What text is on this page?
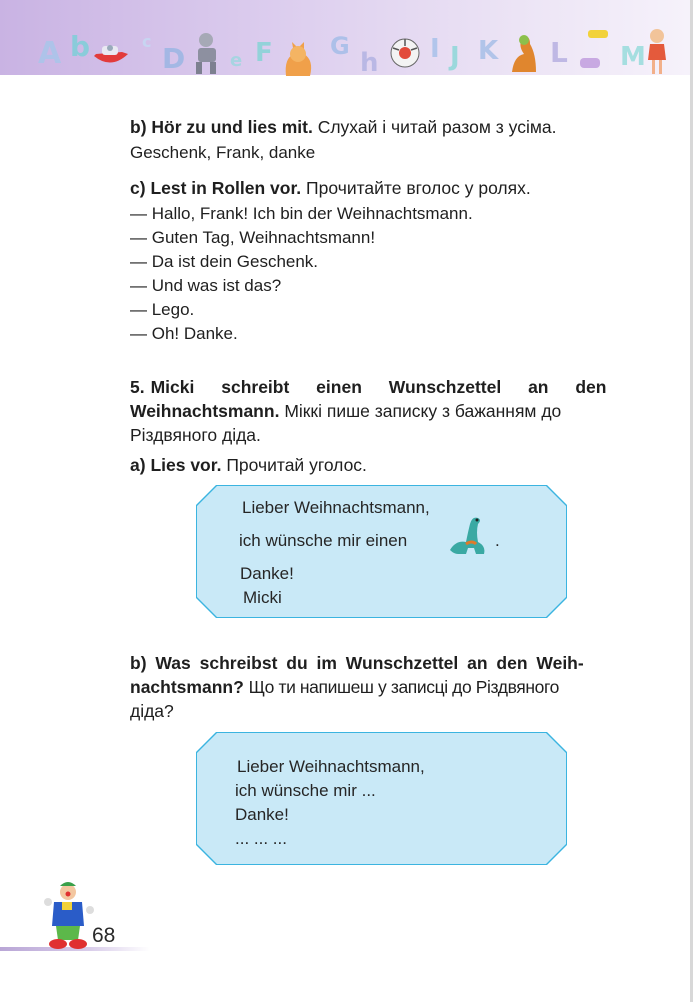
A b	c
D e F G
h I J K L M
b) Hör zu und lies mit. Слухай і читай разом з усіма.
Geschenk, Frank, danke
c) Lest in Rollen vor. Прочитайте вголос у ролях.
— Hallo, Frank! Ich bin der Weihnachtsmann.
— Guten Tag, Weihnachtsmann!
— Da ist dein Geschenk.
— Und was ist das?
— Lego.
— Oh! Danke.
5. Micki schreibt einen Wunschzettel an den
Weihnachtsmann. Міккі пише записку з бажанням до
Різдвяного діда.
a) Lies vor. Прочитай уголос.
Lieber Weihnachtsmann,
ich wünsche mir einen	.
Danke!
Micki
b) Was schreibst du im Wunschzettel an den Weih-
nachtsmann? Що ти напишеш у записці до Різдвяного
діда?
Lieber Weihnachtsmann,
ich wünsche mir ...
Danke!
... ... ...
68
